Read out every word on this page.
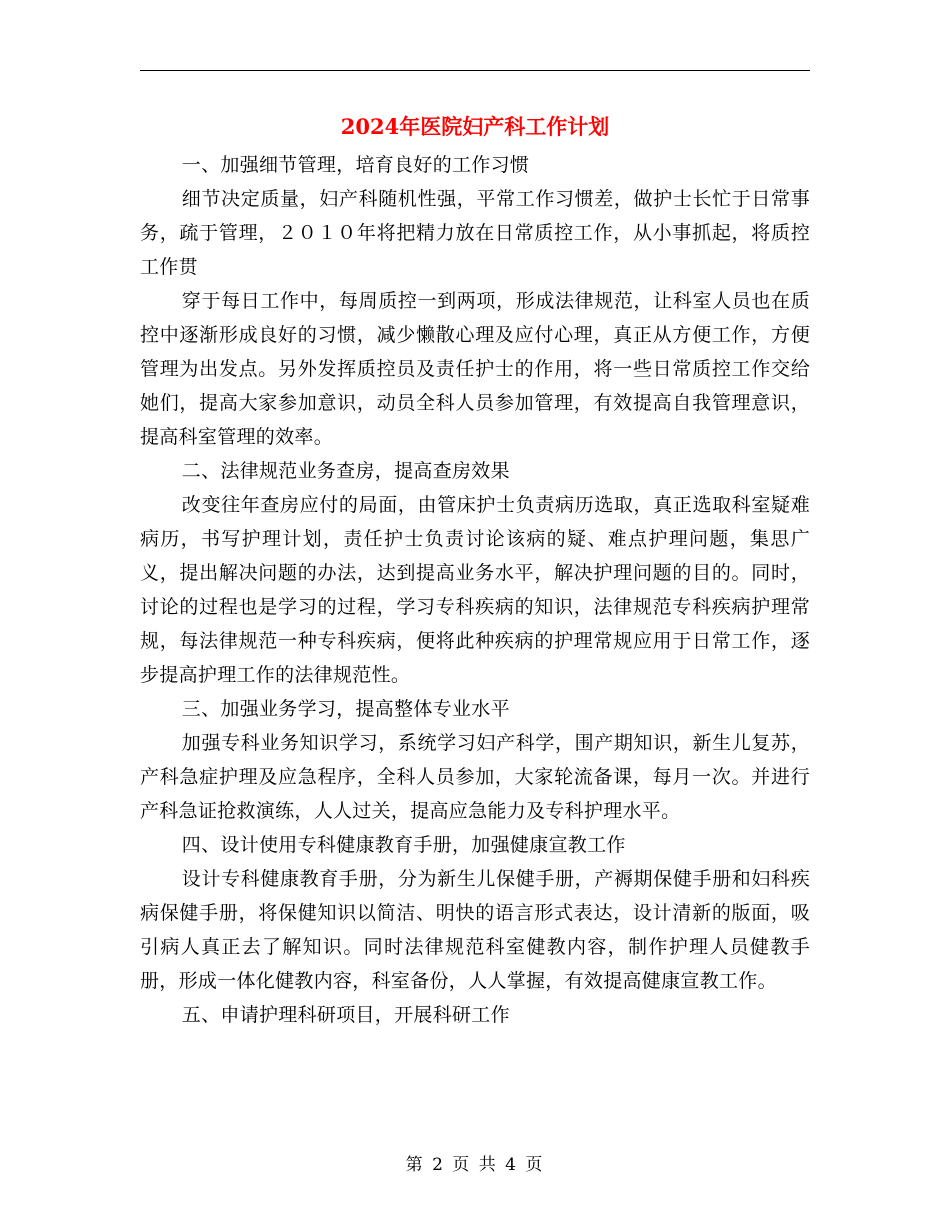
2024年医院妇产科工作计划

一、加强细节管理，培育良好的工作习惯

细节决定质量，妇产科随机性强，平常工作习惯差，做护士长忙于日常事务，疏于管理，２０１０年将把精力放在日常质控工作，从小事抓起，将质控工作贯

穿于每日工作中，每周质控一到两项，形成法律规范，让科室人员也在质控中逐渐形成良好的习惯，减少懒散心理及应付心理，真正从方便工作，方便管理为出发点。另外发挥质控员及责任护士的作用，将一些日常质控工作交给她们，提高大家参加意识，动员全科人员参加管理，有效提高自我管理意识，提高科室管理的效率。

二、法律规范业务查房，提高查房效果

改变往年查房应付的局面，由管床护士负责病历选取，真正选取科室疑难病历，书写护理计划，责任护士负责讨论该病的疑、难点护理问题，集思广义，提出解决问题的办法，达到提高业务水平，解决护理问题的目的。同时，讨论的过程也是学习的过程，学习专科疾病的知识，法律规范专科疾病护理常规，每法律规范一种专科疾病，便将此种疾病的护理常规应用于日常工作，逐步提高护理工作的法律规范性。

三、加强业务学习，提高整体专业水平

加强专科业务知识学习，系统学习妇产科学，围产期知识，新生儿复苏，产科急症护理及应急程序，全科人员参加，大家轮流备课，每月一次。并进行产科急证抢救演练，人人过关，提高应急能力及专科护理水平。

四、设计使用专科健康教育手册，加强健康宣教工作

设计专科健康教育手册，分为新生儿保健手册，产褥期保健手册和妇科疾病保健手册，将保健知识以简洁、明快的语言形式表达，设计清新的版面，吸引病人真正去了解知识。同时法律规范科室健教内容，制作护理人员健教手册，形成一体化健教内容，科室备份，人人掌握，有效提高健康宣教工作。

五、申请护理科研项目，开展科研工作

第 2 页 共 4 页
